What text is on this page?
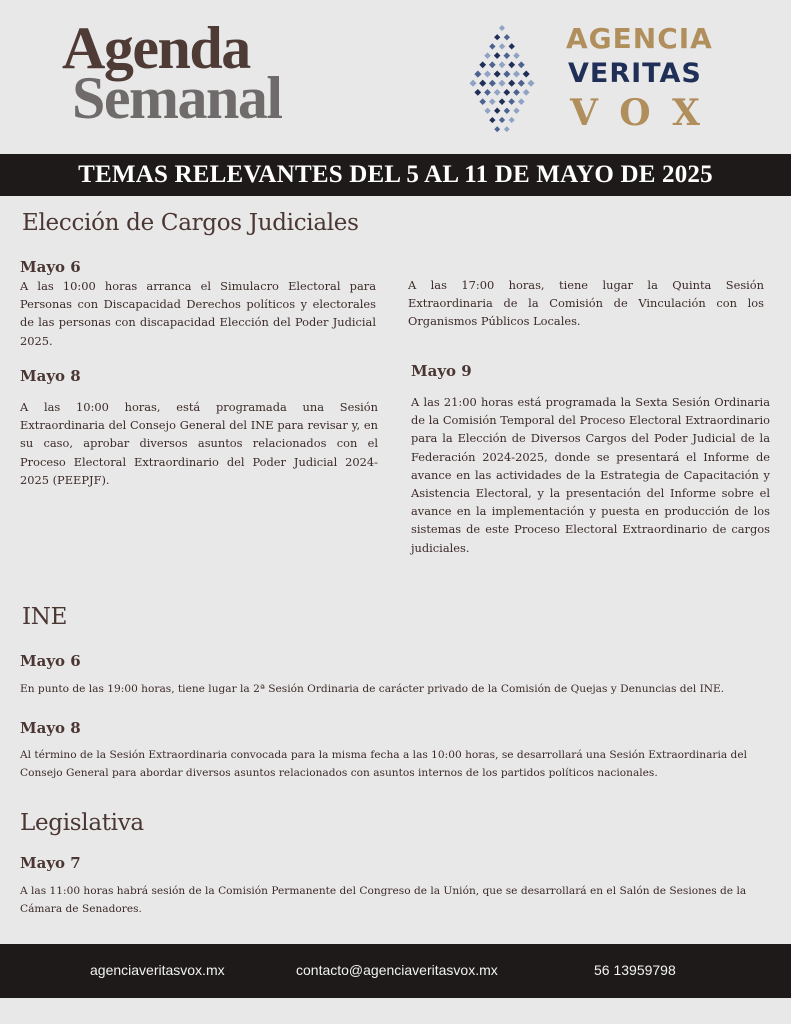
Agenda
Semanal
AGENCIA
VERITAS
VOX
TEMAS RELEVANTES DEL 5 AL 11 DE MAYO DE 2025
Elección de Cargos Judiciales
Mayo 6
A las 10:00 horas arranca el Simulacro Electoral para Personas con Discapacidad Derechos políticos y electorales de las personas con discapacidad Elección del Poder Judicial 2025.
A las 17:00 horas, tiene lugar la Quinta Sesión Extraordinaria de la Comisión de Vinculación con los Organismos Públicos Locales.
Mayo 8
A las 10:00 horas, está programada una Sesión Extraordinaria del Consejo General del INE para revisar y, en su caso, aprobar diversos asuntos relacionados con el Proceso Electoral Extraordinario del Poder Judicial 2024-2025 (PEEPJF).
Mayo 9
A las 21:00 horas está programada la Sexta Sesión Ordinaria de la Comisión Temporal del Proceso Electoral Extraordinario para la Elección de Diversos Cargos del Poder Judicial de la Federación 2024-2025, donde se presentará el Informe de avance en las actividades de la Estrategia de Capacitación y Asistencia Electoral, y la presentación del Informe sobre el avance en la implementación y puesta en producción de los sistemas de este Proceso Electoral Extraordinario de cargos judiciales.
INE
Mayo 6
En punto de las 19:00 horas, tiene lugar la 2ª Sesión Ordinaria de carácter privado de la Comisión de Quejas y Denuncias del INE.
Mayo 8
Al término de la Sesión Extraordinaria convocada para la misma fecha a las 10:00 horas, se desarrollará una Sesión Extraordinaria del Consejo General para abordar diversos asuntos relacionados con asuntos internos de los partidos políticos nacionales.
Legislativa
Mayo 7
A las 11:00 horas habrá sesión de la Comisión Permanente del Congreso de la Unión, que se desarrollará en el Salón de Sesiones de la Cámara de Senadores.
agenciaveritasvox.mx	contacto@agenciaveritasvox.mx	56 13959798
